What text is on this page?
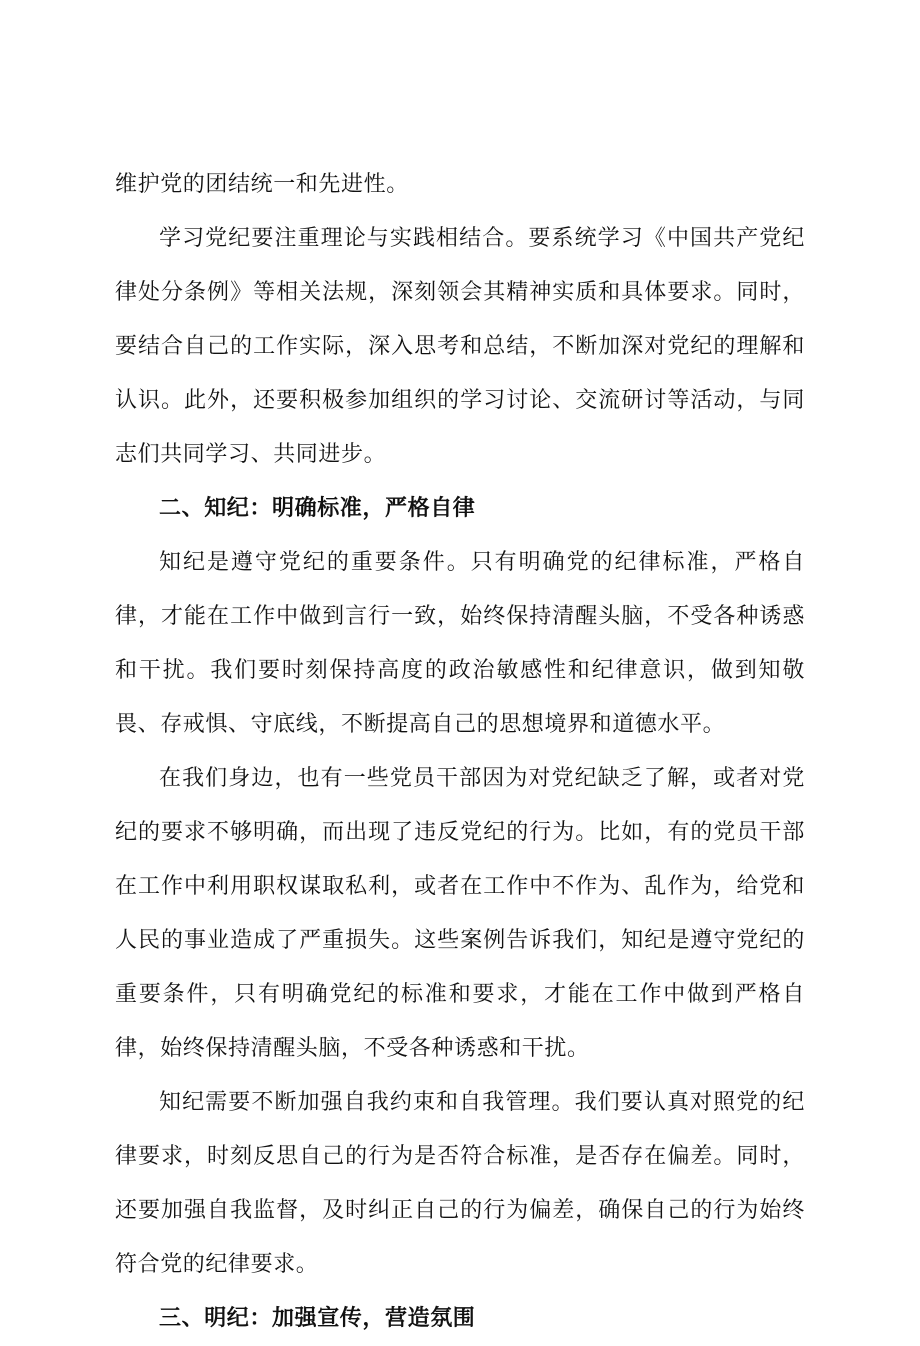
维护党的团结统一和先进性。

学习党纪要注重理论与实践相结合。要系统学习《中国共产党纪律处分条例》等相关法规，深刻领会其精神实质和具体要求。同时，要结合自己的工作实际，深入思考和总结，不断加深对党纪的理解和认识。此外，还要积极参加组织的学习讨论、交流研讨等活动，与同志们共同学习、共同进步。

二、知纪：明确标准，严格自律

知纪是遵守党纪的重要条件。只有明确党的纪律标准，严格自律，才能在工作中做到言行一致，始终保持清醒头脑，不受各种诱惑和干扰。我们要时刻保持高度的政治敏感性和纪律意识，做到知敬畏、存戒惧、守底线，不断提高自己的思想境界和道德水平。

在我们身边，也有一些党员干部因为对党纪缺乏了解，或者对党纪的要求不够明确，而出现了违反党纪的行为。比如，有的党员干部在工作中利用职权谋取私利，或者在工作中不作为、乱作为，给党和人民的事业造成了严重损失。这些案例告诉我们，知纪是遵守党纪的重要条件，只有明确党纪的标准和要求，才能在工作中做到严格自律，始终保持清醒头脑，不受各种诱惑和干扰。

知纪需要不断加强自我约束和自我管理。我们要认真对照党的纪律要求，时刻反思自己的行为是否符合标准，是否存在偏差。同时，还要加强自我监督，及时纠正自己的行为偏差，确保自己的行为始终符合党的纪律要求。

三、明纪：加强宣传，营造氛围
